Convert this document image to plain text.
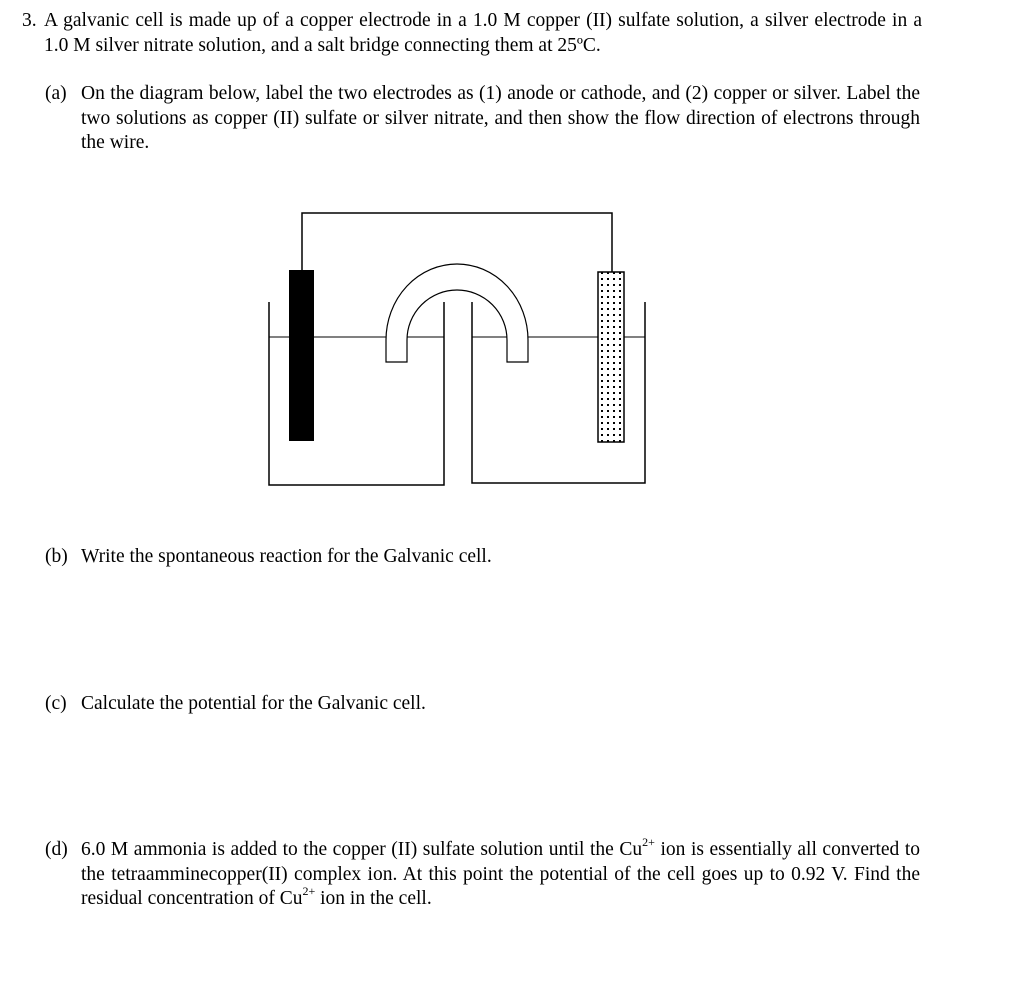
3. A galvanic cell is made up of a copper electrode in a 1.0 M copper (II) sulfate solution, a silver electrode in a 1.0 M silver nitrate solution, and a salt bridge connecting them at 25ºC.
(a) On the diagram below, label the two electrodes as (1) anode or cathode, and (2) copper or silver. Label the two solutions as copper (II) sulfate or silver nitrate, and then show the flow direction of electrons through the wire.
(b) Write the spontaneous reaction for the Galvanic cell.
(c) Calculate the potential for the Galvanic cell.
(d) 6.0 M ammonia is added to the copper (II) sulfate solution until the $Cu^{2+}$ ion is essentially all converted to the tetraamminecopper(II) complex ion. At this point the potential of the cell goes up to 0.92 V. Find the residual concentration of $Cu^{2+}$ ion in the cell.
